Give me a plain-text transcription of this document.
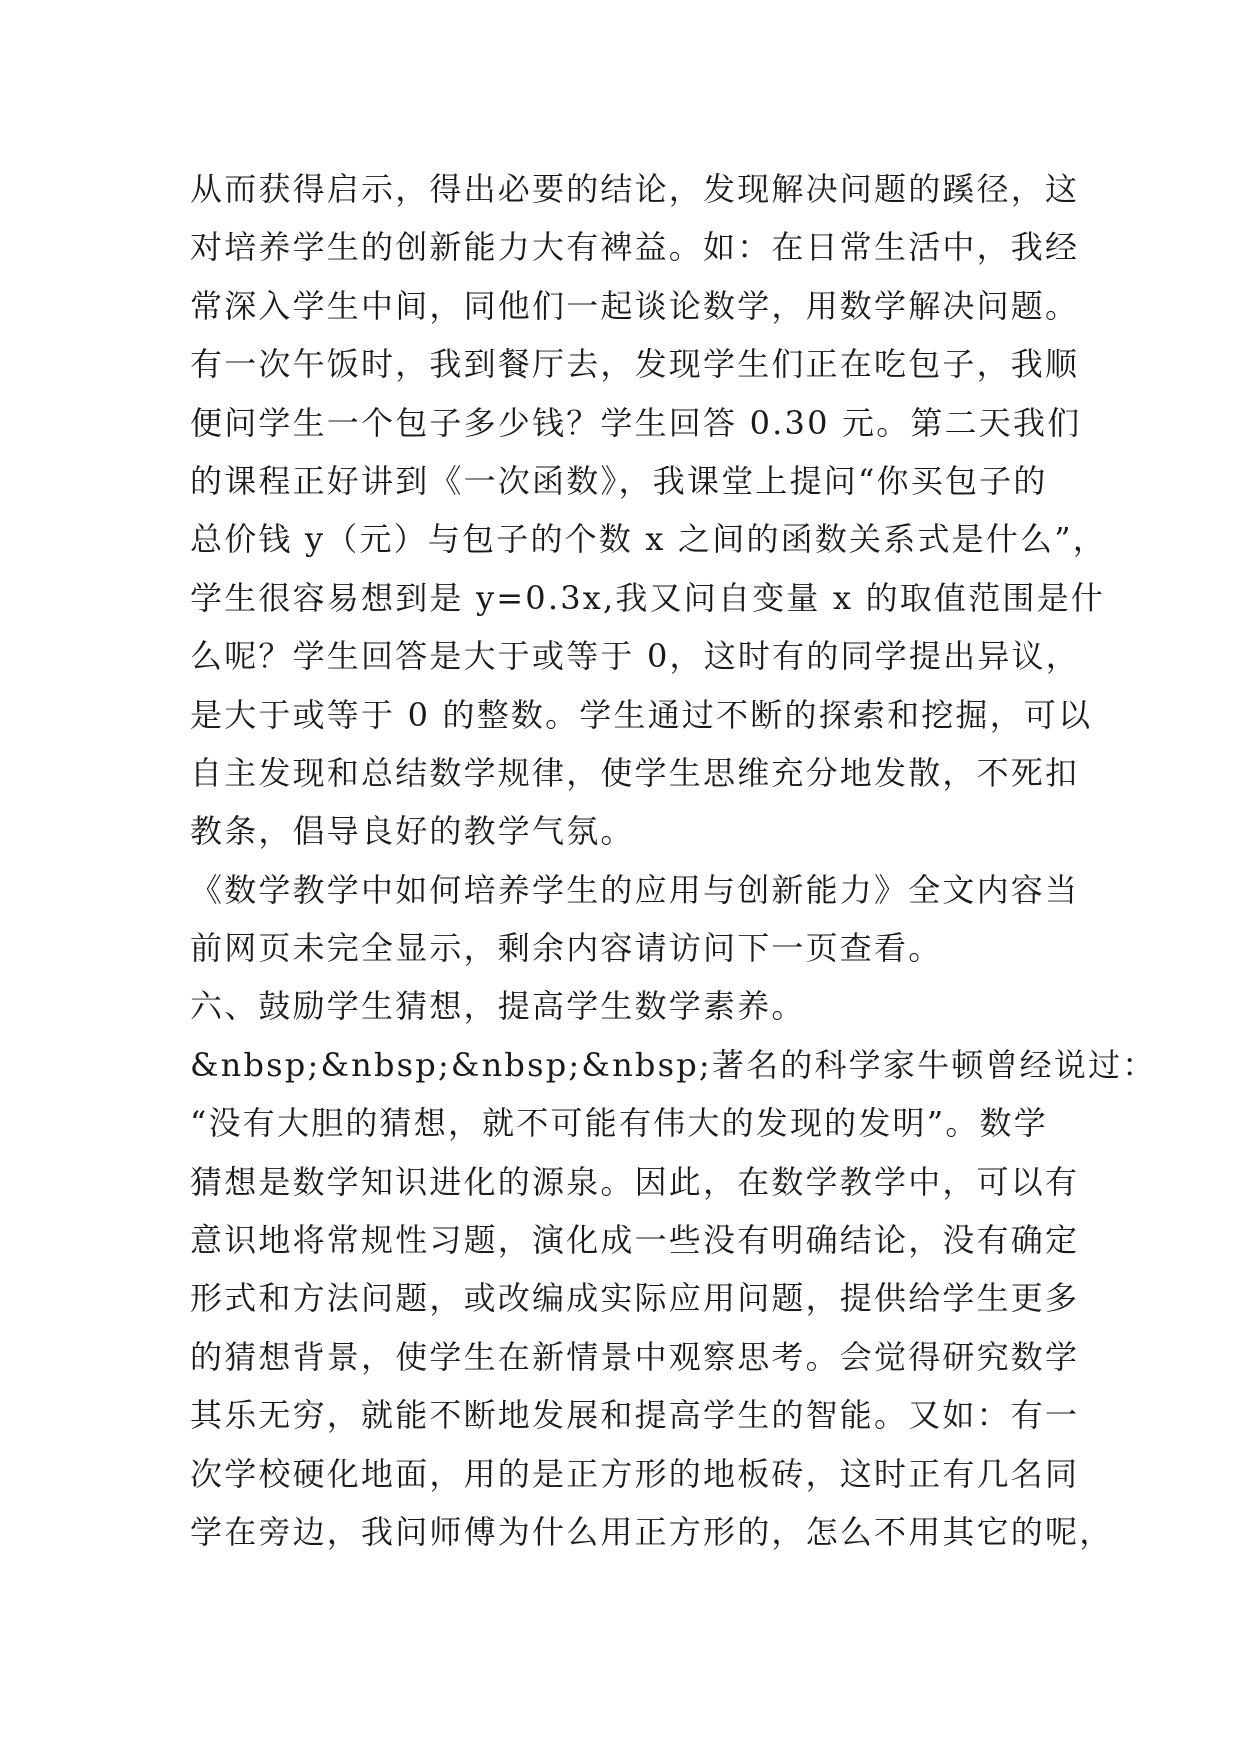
从而获得启示，得出必要的结论，发现解决问题的蹊径，这
对培养学生的创新能力大有裨益。如：在日常生活中，我经
常深入学生中间，同他们一起谈论数学，用数学解决问题。
有一次午饭时，我到餐厅去，发现学生们正在吃包子，我顺
便问学生一个包子多少钱？学生回答 0.30 元。第二天我们
的课程正好讲到《一次函数》，我课堂上提问“你买包子的
总价钱 y（元）与包子的个数 x 之间的函数关系式是什么”，
学生很容易想到是 y=0.3x,我又问自变量 x 的取值范围是什
么呢？学生回答是大于或等于 0，这时有的同学提出异议，
是大于或等于 0 的整数。学生通过不断的探索和挖掘，可以
自主发现和总结数学规律，使学生思维充分地发散，不死扣
教条，倡导良好的教学气氛。
《数学教学中如何培养学生的应用与创新能力》全文内容当
前网页未完全显示，剩余内容请访问下一页查看。
六、鼓励学生猜想，提高学生数学素养。
&nbsp;&nbsp;&nbsp;&nbsp;著名的科学家牛顿曾经说过：
“没有大胆的猜想，就不可能有伟大的发现的发明”。数学
猜想是数学知识进化的源泉。因此，在数学教学中，可以有
意识地将常规性习题，演化成一些没有明确结论，没有确定
形式和方法问题，或改编成实际应用问题，提供给学生更多
的猜想背景，使学生在新情景中观察思考。会觉得研究数学
其乐无穷，就能不断地发展和提高学生的智能。又如：有一
次学校硬化地面，用的是正方形的地板砖，这时正有几名同
学在旁边，我问师傅为什么用正方形的，怎么不用其它的呢，
